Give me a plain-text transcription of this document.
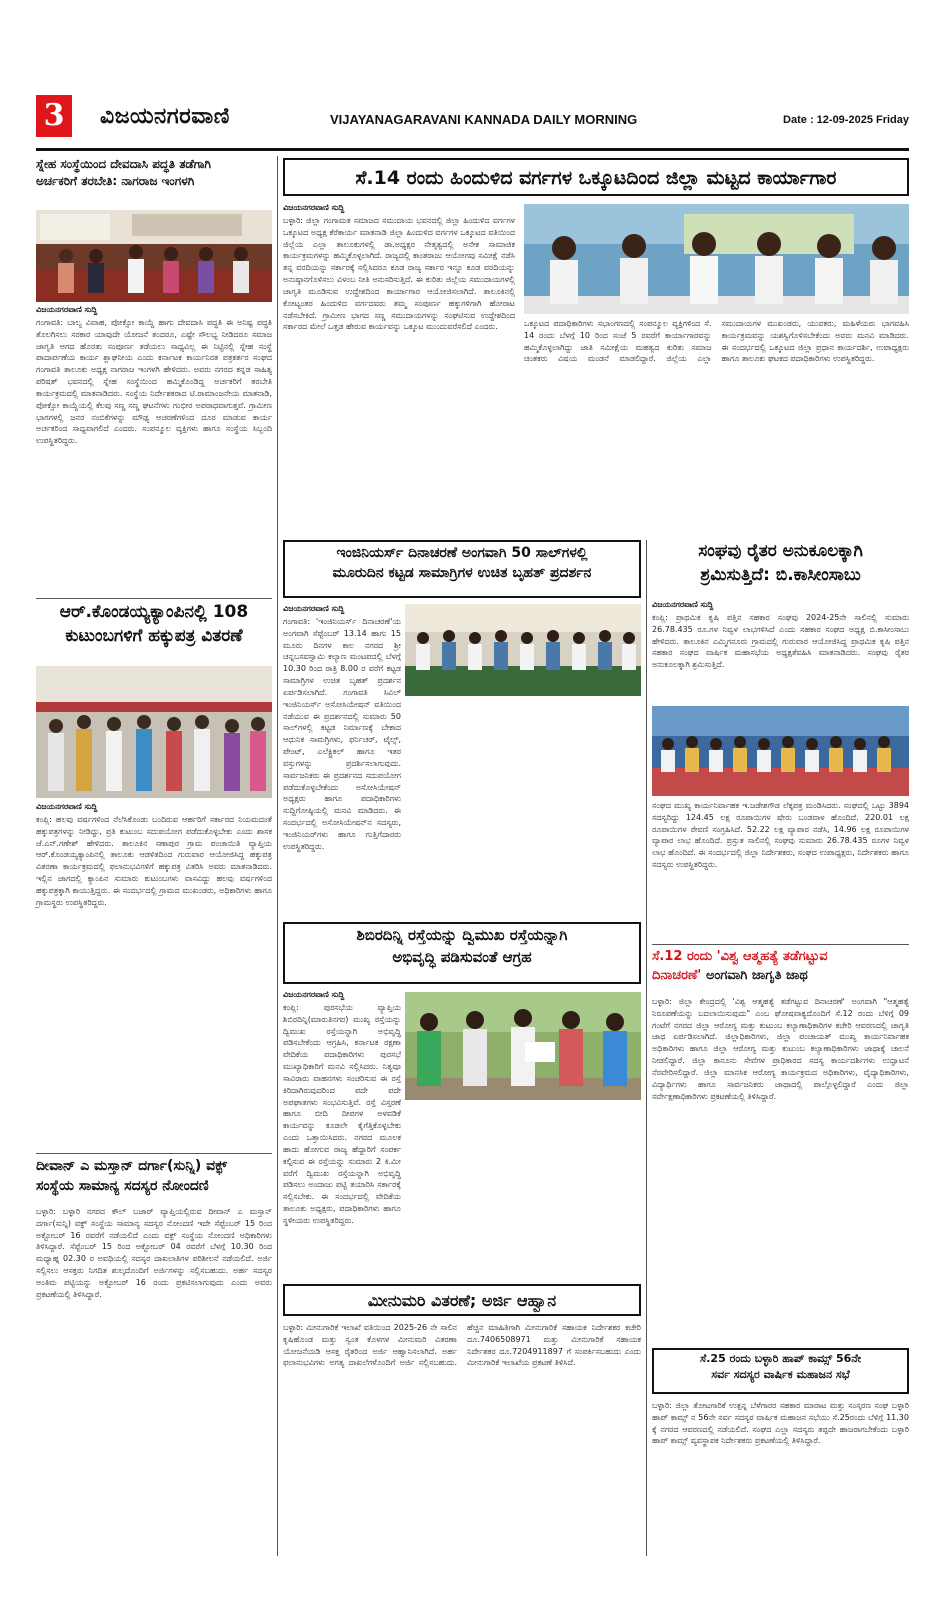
3	ವಿಜಯನಗರವಾಣಿ	VIJAYANAGARAVANI KANNADA DAILY MORNING	Date : 12-09-2025 Friday
ಸ್ನೇಹ ಸಂಸ್ಥೆಯಿಂದ ದೇವದಾಸಿ ಪದ್ಧತಿ ತಡೆಗಾಗಿ
ಅರ್ಚಕರಿಗೆ ತರಬೇತಿ: ನಾಗರಾಜ ಇಂಗಳಗಿ
ವಿಜಯನಗರವಾಣಿ ಸುದ್ದಿ
ಗಂಗಾವತಿ: ಬಾಲ್ಯ ವಿವಾಹ, ಪೋಕ್ಸೋ ಕಾಯ್ದೆ ಹಾಗು ದೇವದಾಸಿ ಪದ್ಧತಿ ಈ ಅನಿಷ್ಟ ಪದ್ಧತಿ ತೊಲಗಿಸಲು ಸರಕಾರ ಯಾವುದೇ ಯೋಜನೆ ತಂದರೂ, ಎಷ್ಟೇ ಸೌಲಭ್ಯ ನೀಡಿದರೂ ಸಮಾಜ ಜಾಗೃತಿ ಆಗದ ಹೊರತು ಸಂಪೂರ್ಣ ತಡೆಯಲು ಸಾಧ್ಯವಿಲ್ಲ ಈ ನಿಟ್ಟಿನಲ್ಲಿ ಸ್ನೇಹ ಸಂಸ್ಥೆ ಪಾದಾರ್ಪಣೆಯ ಕಾರ್ಯ ಶ್ಲಾಘನೀಯ ಎಂದು ಕರ್ನಾಟಕ ಕಾರ್ಯನಿರತ ಪತ್ರಕರ್ತರ ಸಂಘದ ಗಂಗಾವತಿ ತಾಲೂಕು ಅಧ್ಯಕ್ಷ ನಾಗರಾಜ ಇಂಗಳಗಿ ಹೇಳಿದರು. ಅವರು ನಗರದ ಕನ್ನಡ ಸಾಹಿತ್ಯ ಪರಿಷತ್ ಭವನದಲ್ಲಿ ಸ್ನೇಹ ಸಂಸ್ಥೆಯಿಂದ ಹಮ್ಮಿಕೊಂಡಿದ್ದ ಅರ್ಚಕರಿಗೆ ತರಬೇತಿ ಕಾರ್ಯಕ್ರಮದಲ್ಲಿ ಮಾತನಾಡಿದರು. ಸಂಸ್ಥೆಯ ನಿರ್ದೇಶಕರಾದ ಟಿ.ರಾಮಾಂಜನೇಯ ಮಾತನಾಡಿ, ಪೋಕ್ಸೋ ಕಾಯ್ದೆಯಲ್ಲಿ ಕೆಲವು ಸಣ್ಣ ಸಣ್ಣ ಘಟನೆಗಳು ಗಂಭೀರ ಅಪರಾಧವಾಗುತ್ತವೆ. ಗ್ರಾಮೀಣ ಭಾಗಗಳಲ್ಲಿ ಜನರ ನಂಬಿಕೆಗಳನ್ನು ಮೌಢ್ಯ ಆಚರಣೆಗಳಿಂದ ದೂರ ಮಾಡುವ ಕಾರ್ಯ ಅರ್ಚಕರಿಂದ ಸಾಧ್ಯವಾಗಲಿದೆ ಎಂದರು. ಸಂಪನ್ಮೂಲ ವ್ಯಕ್ತಿಗಳು ಹಾಗೂ ಸಂಸ್ಥೆಯ ಸಿಬ್ಬಂದಿ ಉಪಸ್ಥಿತರಿದ್ದರು.
ಆರ್.ಕೊಂಡಯ್ಯಕ್ಯಾಂಪಿನಲ್ಲಿ 108
ಕುಟುಂಬಗಳಿಗೆ ಹಕ್ಕುಪತ್ರ ವಿತರಣೆ
ವಿಜಯನಗರವಾಣಿ ಸುದ್ದಿ
ಕಂಪ್ಲಿ: ಹಲವು ವರ್ಷಗಳಿಂದ ನೆಲೆಸಿಕೊಂಡು ಬಂದಿರುವ ಆರ್ಹರಿಗೆ ಸರ್ಕಾರದ ನಿಯಮದಂತೆ ಹಕ್ಕುಪತ್ರಗಳನ್ನು ನೀಡಿದ್ದು, ಪ್ರತಿ ಕುಟುಂಬ ಸದುಪಯೋಗ ಪಡೆದುಕೊಳ್ಳಬೇಕು ಎಂದು ಶಾಸಕ ಜೆ.ಎನ್.ಗಣೇಶ್ ಹೇಳಿದರು. ತಾಲೂಕಿನ ಸಣಾಪುರ ಗ್ರಾಮ ಪಂಚಾಯಿತಿ ವ್ಯಾಪ್ತಿಯ ಆರ್.ಕೊಂಡಯ್ಯಕ್ಯಾಂಪಿನಲ್ಲಿ ತಾಲೂಕು ಆಡಳಿತದಿಂದ ಗುರುವಾರ ಆಯೋಜಿಸಿದ್ದ ಹಕ್ಕುಪತ್ರ ವಿತರಣಾ ಕಾರ್ಯಕ್ರಮದಲ್ಲಿ ಫಲಾನುಭವಿಗಳಿಗೆ ಹಕ್ಕುಪತ್ರ ವಿತರಿಸಿ ಅವರು ಮಾತನಾಡಿದರು. ಇಲ್ಲಿನ ಜಾಗದಲ್ಲಿ ಕ್ಯಾಂಪಿನ ಸುಮಾರು ಕುಟುಂಬಗಳು ವಾಸವಿದ್ದು ಹಲವು ವರ್ಷಗಳಿಂದ ಹಕ್ಕುಪತ್ರಕ್ಕಾಗಿ ಕಾಯುತ್ತಿದ್ದರು. ಈ ಸಂದರ್ಭದಲ್ಲಿ ಗ್ರಾಮದ ಮುಖಂಡರು, ಅಧಿಕಾರಿಗಳು ಹಾಗೂ ಗ್ರಾಮಸ್ಥರು ಉಪಸ್ಥಿತರಿದ್ದರು.
ದೀವಾನ್ ಎ ಮಸ್ತಾನ್ ದರ್ಗಾ(ಸುನ್ನಿ) ವಕ್ಫ್
ಸಂಸ್ಥೆಯ ಸಾಮಾನ್ಯ ಸದಸ್ಯರ ನೋಂದಣಿ
ಬಳ್ಳಾರಿ: ಬಳ್ಳಾರಿ ನಗರದ ಕೌಲ್ ಬಜಾರ್ ವ್ಯಾಪ್ತಿಯಲ್ಲಿರುವ ದೀವಾನ್ ಎ ಮಸ್ತಾನ್ ದರ್ಗಾ(ಸುನ್ನಿ) ವಕ್ಫ್ ಸಂಸ್ಥೆಯ ಸಾಮಾನ್ಯ ಸದಸ್ಯರ ನೋಂದಣಿ ಇದೇ ಸೆಪ್ಟೆಂಬರ್ 15 ರಿಂದ ಅಕ್ಟೋಬರ್ 16 ರವರೆಗೆ ನಡೆಯಲಿದೆ ಎಂದು ವಕ್ಫ್ ಸಂಸ್ಥೆಯ ನೋಂದಣಿ ಅಧಿಕಾರಿಗಳು ತಿಳಿಸಿದ್ದಾರೆ. ಸೆಪ್ಟೆಂಬರ್ 15 ರಿಂದ ಅಕ್ಟೋಬರ್ 04 ರವರೆಗೆ ಬೆಳಗ್ಗೆ 10.30 ರಿಂದ ಮಧ್ಯಾಹ್ನ 02.30 ರ ಅವಧಿಯಲ್ಲಿ ಸದಸ್ಯರ ದಾಖಲಾತಿಗಳ ಪರಿಶೀಲನೆ ನಡೆಯಲಿದೆ. ಅರ್ಜಿ ಸಲ್ಲಿಸಲು ಆಸಕ್ತರು ನಿಗದಿತ ಶುಲ್ಕದೊಂದಿಗೆ ಅರ್ಜಿಗಳನ್ನು ಸಲ್ಲಿಸಬಹುದು. ಅರ್ಹ ಸದಸ್ಯರ ಅಂತಿಮ ಪಟ್ಟಿಯನ್ನು ಅಕ್ಟೋಬರ್ 16 ರಂದು ಪ್ರಕಟಿಸಲಾಗುವುದು ಎಂದು ಅವರು ಪ್ರಕಟಣೆಯಲ್ಲಿ ತಿಳಿಸಿದ್ದಾರೆ.
ಸೆ.14 ರಂದು ಹಿಂದುಳಿದ ವರ್ಗಗಳ ಒಕ್ಕೂಟದಿಂದ ಜಿಲ್ಲಾ ಮಟ್ಟದ ಕಾರ್ಯಾಗಾರ
ವಿಜಯನಗರವಾಣಿ ಸುದ್ದಿ
ಬಳ್ಳಾರಿ: ಜಿಲ್ಲಾ ಗಂಗಾಮತ ಸಮಾಜದ ಸಮುದಾಯ ಭವನದಲ್ಲಿ ಜಿಲ್ಲಾ ಹಿಂದುಳಿದ ವರ್ಗಗಳ ಒಕ್ಕೂಟದ ಅಧ್ಯಕ್ಷ ಕೆರೆಕಾರ್ಯ ಮಾತನಾಡಿ ಜಿಲ್ಲಾ ಹಿಂದುಳಿದ ವರ್ಗಗಳ ಒಕ್ಕೂಟದ ವತಿಯಿಂದ ಜಿಲ್ಲೆಯ ಎಲ್ಲಾ ತಾಲೂಕುಗಳಲ್ಲಿ ಡಾ.ಅಧ್ಯಕ್ಷರ ನೇತೃತ್ವದಲ್ಲಿ ಅನೇಕ ಸಾಮಾಜಿಕ ಕಾರ್ಯಕ್ರಮಗಳನ್ನು ಹಮ್ಮಿಕೊಳ್ಳಲಾಗಿದೆ. ರಾಜ್ಯದಲ್ಲಿ ಕಾಂತರಾಜು ಆಯೋಗವು ಸಮೀಕ್ಷೆ ನಡೆಸಿ ತನ್ನ ವರದಿಯನ್ನು ಸರ್ಕಾರಕ್ಕೆ ಸಲ್ಲಿಸಿದರೂ ಕೂಡ ರಾಜ್ಯ ಸರ್ಕಾರ ಇನ್ನೂ ಕೂಡ ವರದಿಯನ್ನು ಅನುಷ್ಠಾನಗೊಳಿಸಲು ವಿಳಂಬ ನೀತಿ ಅನುಸರಿಸುತ್ತಿದೆ. ಈ ಕುರಿತು ಜಿಲ್ಲೆಯ ಸಮುದಾಯಗಳಲ್ಲಿ ಜಾಗೃತಿ ಮೂಡಿಸುವ ಉದ್ದೇಶದಿಂದ ಕಾರ್ಯಾಗಾರ ಆಯೋಜಿಸಲಾಗಿದೆ. ತಾಲೂಕಿನಲ್ಲಿ ಕೋಟ್ಯಂತರ ಹಿಂದುಳಿದ ವರ್ಗದವರು ತಮ್ಮ ಸಂಪೂರ್ಣ ಹಕ್ಕುಗಳಿಗಾಗಿ ಹೋರಾಟ ನಡೆಸಬೇಕಿದೆ. ಗ್ರಾಮೀಣ ಭಾಗದ ಸಣ್ಣ ಸಮುದಾಯಗಳನ್ನು ಸಂಘಟಿಸುವ ಉದ್ದೇಶದಿಂದ ಸರ್ಕಾರದ ಮೇಲೆ ಒತ್ತಡ ಹೇರುವ ಕಾರ್ಯವನ್ನು ಒಕ್ಕೂಟ ಮುಂದುವರೆಸಲಿದೆ ಎಂದರು.	ಒಕ್ಕೂಟದ ಪದಾಧಿಕಾರಿಗಳು ಸಭಾಂಗಣದಲ್ಲಿ ಸಂಪನ್ಮೂಲ ವ್ಯಕ್ತಿಗಳಿಂದ ಸೆ. 14 ರಂದು ಬೆಳಗ್ಗೆ 10 ರಿಂದ ಸಂಜೆ 5 ರವರೆಗೆ ಕಾರ್ಯಾಗಾರವನ್ನು ಹಮ್ಮಿಕೊಳ್ಳಲಾಗಿದ್ದು ಜಾತಿ ಸಮೀಕ್ಷೆಯ ಮಹತ್ವದ ಕುರಿತು ಸಮಾಜ ಚಿಂತಕರು ವಿಷಯ ಮಂಡನೆ ಮಾಡಲಿದ್ದಾರೆ. ಜಿಲ್ಲೆಯ ಎಲ್ಲಾ ಸಮುದಾಯಗಳ ಮುಖಂಡರು, ಯುವಕರು, ಮಹಿಳೆಯರು ಭಾಗವಹಿಸಿ ಕಾರ್ಯಕ್ರಮವನ್ನು ಯಶಸ್ವಿಗೊಳಿಸಬೇಕೆಂದು ಅವರು ಮನವಿ ಮಾಡಿದರು. ಈ ಸಂದರ್ಭದಲ್ಲಿ ಒಕ್ಕೂಟದ ಜಿಲ್ಲಾ ಪ್ರಧಾನ ಕಾರ್ಯದರ್ಶಿ, ಉಪಾಧ್ಯಕ್ಷರು ಹಾಗೂ ತಾಲೂಕು ಘಟಕದ ಪದಾಧಿಕಾರಿಗಳು ಉಪಸ್ಥಿತರಿದ್ದರು.
ಇಂಜಿನಿಯರ್ಸ್ ದಿನಾಚರಣೆ ಅಂಗವಾಗಿ 50 ಸಾಲ್‌ಗಳಲ್ಲಿ
ಮೂರುದಿನ ಕಟ್ಟಡ ಸಾಮಾಗ್ರಿಗಳ ಉಚಿತ ಬೃಹತ್ ಪ್ರದರ್ಶನ
ವಿಜಯನಗರವಾಣಿ ಸುದ್ದಿ
ಗಂಗಾವತಿ: 'ಇಂಜಿನಿಯರ್ಸ್ ದಿನಾಚರಣೆ'ಯ ಅಂಗವಾಗಿ ಸೆಪ್ಟೆಂಬರ್ 13.14 ಹಾಗು 15 ಮೂರು ದಿನಗಳ ಕಾಲ ನಗರದ ಶ್ರೀ ಚನ್ನಬಸವಸ್ವಾಮಿ ಕಲ್ಯಾಣ ಮಂಟಪದಲ್ಲಿ ಬೆಳಗ್ಗೆ 10.30 ರಿಂದ ರಾತ್ರಿ 8.00 ರ ವರೆಗೆ ಕಟ್ಟಡ ಸಾಮಾಗ್ರಿಗಳ ಉಚಿತ ಬೃಹತ್ ಪ್ರದರ್ಶನ ಏರ್ಪಡಿಸಲಾಗಿದೆ. ಗಂಗಾವತಿ ಸಿವಿಲ್ ಇಂಜಿನಿಯರ್ಸ್ ಅಸೋಸಿಯೇಷನ್ ವತಿಯಿಂದ ನಡೆಯುವ ಈ ಪ್ರದರ್ಶನದಲ್ಲಿ ಸುಮಾರು 50 ಸಾಲ್‌ಗಳಲ್ಲಿ ಕಟ್ಟಡ ನಿರ್ಮಾಣಕ್ಕೆ ಬೇಕಾದ ಆಧುನಿಕ ಸಾಮಗ್ರಿಗಳು, ಫರ್ನಿಚರ್, ಟೈಲ್ಸ್, ಪೇಂಟ್, ಎಲೆಕ್ಟ್ರಿಕಲ್ ಹಾಗೂ ಇತರ ವಸ್ತುಗಳನ್ನು ಪ್ರದರ್ಶಿಸಲಾಗುವುದು. ಸಾರ್ವಜನಿಕರು ಈ ಪ್ರದರ್ಶನದ ಸದುಪಯೋಗ ಪಡೆದುಕೊಳ್ಳಬೇಕೆಂದು ಅಸೋಸಿಯೇಷನ್ ಅಧ್ಯಕ್ಷರು ಹಾಗೂ ಪದಾಧಿಕಾರಿಗಳು ಸುದ್ದಿಗೋಷ್ಠಿಯಲ್ಲಿ ಮನವಿ ಮಾಡಿದರು. ಈ ಸಂದರ್ಭದಲ್ಲಿ ಅಸೋಸಿಯೇಷನ್‌ನ ಸದಸ್ಯರು, ಇಂಜಿನಿಯರ್‌ಗಳು ಹಾಗೂ ಗುತ್ತಿಗೆದಾರರು ಉಪಸ್ಥಿತರಿದ್ದರು.
ಶಿಬಿರದಿನ್ನಿ ರಸ್ತೆಯನ್ನು ದ್ವಿಮುಖ ರಸ್ತೆಯನ್ನಾಗಿ
ಅಭಿವೃದ್ಧಿ ಪಡಿಸುವಂತೆ ಆಗ್ರಹ
ವಿಜಯನಗರವಾಣಿ ಸುದ್ದಿ
ಕಂಪ್ಲಿ: ಪುರಸಭೆಯ ವ್ಯಾಪ್ತಿಯ ಶಿಬಿರದಿನ್ನಿ(ಮಾರುತಿನಗರ) ಮುಖ್ಯ ರಸ್ತೆಯನ್ನು ದ್ವಿಮುಖ ರಸ್ತೆಯನ್ನಾಗಿ ಅಭಿವೃದ್ಧಿ ಪಡಿಸಬೇಕೆಂದು ಆಗ್ರಹಿಸಿ, ಕರ್ನಾಟಕ ರಕ್ಷಣಾ ವೇದಿಕೆಯ ಪದಾಧಿಕಾರಿಗಳು ಪುರಸಭೆ ಮುಖ್ಯಾಧಿಕಾರಿಗೆ ಮನವಿ ಸಲ್ಲಿಸಿದರು. ನಿತ್ಯವೂ ಸಾವಿರಾರು ವಾಹನಗಳು ಸಂಚರಿಸುವ ಈ ರಸ್ತೆ ಕಿರಿದಾಗಿರುವುದರಿಂದ ಪದೇ ಪದೇ ಅಪಘಾತಗಳು ಸಂಭವಿಸುತ್ತಿವೆ. ರಸ್ತೆ ವಿಸ್ತರಣೆ ಹಾಗೂ ಬೀದಿ ದೀಪಗಳ ಅಳವಡಿಕೆ ಕಾರ್ಯವನ್ನು ಕೂಡಲೇ ಕೈಗೆತ್ತಿಕೊಳ್ಳಬೇಕು ಎಂದು ಒತ್ತಾಯಿಸಿದರು. ನಗರದ ಮೂಲಕ ಹಾದು ಹೋಗುವ ರಾಜ್ಯ ಹೆದ್ದಾರಿಗೆ ಸಂಪರ್ಕ ಕಲ್ಪಿಸುವ ಈ ರಸ್ತೆಯನ್ನು ಸುಮಾರು 2 ಕಿ.ಮೀ ವರೆಗೆ ದ್ವಿಮುಖ ರಸ್ತೆಯನ್ನಾಗಿ ಅಭಿವೃದ್ಧಿ ಪಡಿಸಲು ಅಂದಾಜು ಪಟ್ಟಿ ತಯಾರಿಸಿ ಸರ್ಕಾರಕ್ಕೆ ಸಲ್ಲಿಸಬೇಕು. ಈ ಸಂದರ್ಭದಲ್ಲಿ ವೇದಿಕೆಯ ತಾಲೂಕು ಅಧ್ಯಕ್ಷರು, ಪದಾಧಿಕಾರಿಗಳು ಹಾಗೂ ಸ್ಥಳೀಯರು ಉಪಸ್ಥಿತರಿದ್ದರು.
ಮೀನುಮರಿ ವಿತರಣೆ; ಅರ್ಜಿ ಆಹ್ವಾನ
ಬಳ್ಳಾರಿ: ಮೀನುಗಾರಿಕೆ ಇಲಾಖೆ ವತಿಯಿಂದ 2025-26 ನೇ ಸಾಲಿನ ಕೃಷಿಹೊಂಡ ಮತ್ತು ಸ್ವಂತ ಕೊಳಗಳ ಮೀನುಮರಿ ವಿತರಣಾ ಯೋಜನೆಯಡಿ ಆಸಕ್ತ ರೈತರಿಂದ ಅರ್ಜಿ ಆಹ್ವಾನಿಸಲಾಗಿದೆ. ಅರ್ಹ ಫಲಾನುಭವಿಗಳು ಅಗತ್ಯ ದಾಖಲೆಗಳೊಂದಿಗೆ ಅರ್ಜಿ ಸಲ್ಲಿಸಬಹುದು. ಹೆಚ್ಚಿನ ಮಾಹಿತಿಗಾಗಿ ಮೀನುಗಾರಿಕೆ ಸಹಾಯಕ ನಿರ್ದೇಶಕರ ಕಚೇರಿ ದೂ.7406508971 ಮತ್ತು ಮೀನುಗಾರಿಕೆ ಸಹಾಯಕ ನಿರ್ದೇಶಕರ ದೂ.7204911897 ಗೆ ಸಂಪರ್ಕಿಸಬಹುದು ಎಂದು ಮೀನುಗಾರಿಕೆ ಇಲಾಖೆಯ ಪ್ರಕಟಣೆ ತಿಳಿಸಿದೆ.
ಸಂಘವು ರೈತರ ಅನುಕೂಲಕ್ಕಾಗಿ
ಶ್ರಮಿಸುತ್ತಿದೆ: ಬಿ.ಕಾಸೀಂಸಾಬು
ವಿಜಯನಗರವಾಣಿ ಸುದ್ದಿ
ಕಂಪ್ಲಿ: ಪ್ರಾಥಮಿಕ ಕೃಷಿ ಪತ್ತಿನ ಸಹಕಾರ ಸಂಘವು 2024-25ನೇ ಸಾಲಿನಲ್ಲಿ ಸುಮಾರು 26.78.435 ರೂ.ಗಳ ನಿವ್ವಳ ಲಾಭಗಳಿಸಿದೆ ಎಂದು ಸಹಕಾರ ಸಂಘದ ಅಧ್ಯಕ್ಷ ಬಿ.ಕಾಸೀಂಸಾಬು ಹೇಳಿದರು. ತಾಲೂಕಿನ ಎಮ್ಮಿಗನೂರು ಗ್ರಾಮದಲ್ಲಿ ಗುರುವಾರ ಆಯೋಜಿಸಿದ್ದ ಪ್ರಾಥಮಿಕ ಕೃಷಿ ಪತ್ತಿನ ಸಹಕಾರ ಸಂಘದ ವಾರ್ಷಿಕ ಮಹಾಸಭೆಯ ಅಧ್ಯಕ್ಷತೆವಹಿಸಿ ಮಾತನಾಡಿದರು. ಸಂಘವು ರೈತರ ಅನುಕೂಲಕ್ಕಾಗಿ ಶ್ರಮಿಸುತ್ತಿದೆ.
ಸಂಘದ ಮುಖ್ಯ ಕಾರ್ಯನಿರ್ವಾಹಕ ಇ.ಜಡೇಶಗೌಡ ಲೆಕ್ಕಪತ್ರ ಮಂಡಿಸಿದರು. ಸಂಘದಲ್ಲಿ ಒಟ್ಟು 3894 ಸದಸ್ಯರಿದ್ದು 124.45 ಲಕ್ಷ ರೂಪಾಯಿಗಳ ಷೇರು ಬಂಡವಾಳ ಹೊಂದಿದೆ. 220.01 ಲಕ್ಷ ರೂಪಾಯಿಗಳ ಠೇವಣಿ ಸಂಗ್ರಹಿಸಿದೆ. 52.22 ಲಕ್ಷ ವ್ಯಾಪಾರ ನಡೆಸಿ, 14.96 ಲಕ್ಷ ರೂಪಾಯಿಗಳ ವ್ಯಾಪಾರ ಲಾಭ ಹೊಂದಿದೆ. ಪ್ರಸ್ತುತ ಸಾಲಿನಲ್ಲಿ ಸಂಘವು ಸುಮಾರು 26.78.435 ರೂಗಳ ನಿವ್ವಳ ಲಾಭ ಹೊಂದಿದೆ. ಈ ಸಂದರ್ಭದಲ್ಲಿ ಜಿಲ್ಲಾ ನಿರ್ದೇಶಕರು, ಸಂಘದ ಉಪಾಧ್ಯಕ್ಷರು, ನಿರ್ದೇಶಕರು ಹಾಗೂ ಸದಸ್ಯರು ಉಪಸ್ಥಿತರಿದ್ದರು.
ಸೆ.12 ರಂದು 'ವಿಶ್ವ ಆತ್ಮಹತ್ಯೆ ತಡೆಗಟ್ಟುವ
ದಿನಾಚರಣೆ' ಅಂಗವಾಗಿ ಜಾಗೃತಿ ಜಾಥ
ಬಳ್ಳಾರಿ: ಜಿಲ್ಲಾ ಕೇಂದ್ರದಲ್ಲಿ 'ವಿಶ್ವ ಆತ್ಮಹತ್ಯೆ ತಡೆಗಟ್ಟುವ ದಿನಾಚರಣೆ' ಅಂಗವಾಗಿ "ಆತ್ಮಹತ್ಯೆ ನಿರೂಪಣೆಯನ್ನು ಬದಲಾಯಿಸುವುದು" ಎಂಬ ಘೋಷವಾಕ್ಯದೊಂದಿಗೆ ಸೆ.12 ರಂದು ಬೆಳಿಗ್ಗೆ 09 ಗಂಟೆಗೆ ನಗರದ ಜಿಲ್ಲಾ ಆರೋಗ್ಯ ಮತ್ತು ಕುಟುಂಬ ಕಲ್ಯಾಣಾಧಿಕಾರಿಗಳ ಕಚೇರಿ ಆವರಣದಲ್ಲಿ ಜಾಗೃತಿ ಜಾಥ ಏರ್ಪಡಿಸಲಾಗಿದೆ. ಜಿಲ್ಲಾಧಿಕಾರಿಗಳು, ಜಿಲ್ಲಾ ಪಂಚಾಯತ್ ಮುಖ್ಯ ಕಾರ್ಯನಿರ್ವಾಹಕ ಅಧಿಕಾರಿಗಳು ಹಾಗೂ ಜಿಲ್ಲಾ ಆರೋಗ್ಯ ಮತ್ತು ಕುಟುಂಬ ಕಲ್ಯಾಣಾಧಿಕಾರಿಗಳು ಜಾಥಾಕ್ಕೆ ಚಾಲನೆ ನೀಡಲಿದ್ದಾರೆ. ಜಿಲ್ಲಾ ಕಾನೂನು ಸೇವೆಗಳ ಪ್ರಾಧಿಕಾರದ ಸದಸ್ಯ ಕಾರ್ಯದರ್ಶಿಗಳು ಉದ್ಘಾಟನೆ ನೆರವೇರಿಸಲಿದ್ದಾರೆ. ಜಿಲ್ಲಾ ಮಾನಸಿಕ ಆರೋಗ್ಯ ಕಾರ್ಯಕ್ರಮದ ಅಧಿಕಾರಿಗಳು, ವೈದ್ಯಾಧಿಕಾರಿಗಳು, ವಿದ್ಯಾರ್ಥಿಗಳು ಹಾಗೂ ಸಾರ್ವಜನಿಕರು ಜಾಥಾದಲ್ಲಿ ಪಾಲ್ಗೊಳ್ಳಲಿದ್ದಾರೆ ಎಂದು ಜಿಲ್ಲಾ ಸರ್ವೇಕ್ಷಣಾಧಿಕಾರಿಗಳು ಪ್ರಕಟಣೆಯಲ್ಲಿ ತಿಳಿಸಿದ್ದಾರೆ.
ಸೆ.25 ರಂದು ಬಳ್ಳಾರಿ ಹಾಪ್ ಕಾಮ್ಸ್ 56ನೇ
ಸರ್ವ ಸದಸ್ಯರ ವಾರ್ಷಿಕ ಮಹಾಜನ ಸಭೆ
ಬಳ್ಳಾರಿ: ಜಿಲ್ಲಾ ತೋಟಗಾರಿಕೆ ಉತ್ಪನ್ನ ಬೆಳೆಗಾರರ ಸಹಕಾರ ಮಾರಾಟ ಮತ್ತು ಸಂಸ್ಕರಣ ಸಂಘ ಬಳ್ಳಾರಿ ಹಾಪ್ ಕಾಮ್ಸ್ ನ 56ನೇ ಸರ್ವ ಸದಸ್ಯರ ವಾರ್ಷಿಕ ಮಹಾಜನ ಸಭೆಯು ಸೆ.25ರಂದು ಬೆಳಿಗ್ಗೆ 11.30 ಕ್ಕೆ ನಗರದ ಆವರಣದಲ್ಲಿ ನಡೆಯಲಿದೆ. ಸಂಘದ ಎಲ್ಲಾ ಸದಸ್ಯರು ತಪ್ಪದೇ ಹಾಜರಾಗಬೇಕೆಂದು ಬಳ್ಳಾರಿ ಹಾಪ್ ಕಾಮ್ಸ್ ವ್ಯವಸ್ಥಾಪಕ ನಿರ್ದೇಶಕರು ಪ್ರಕಟಣೆಯಲ್ಲಿ ತಿಳಿಸಿದ್ದಾರೆ.
